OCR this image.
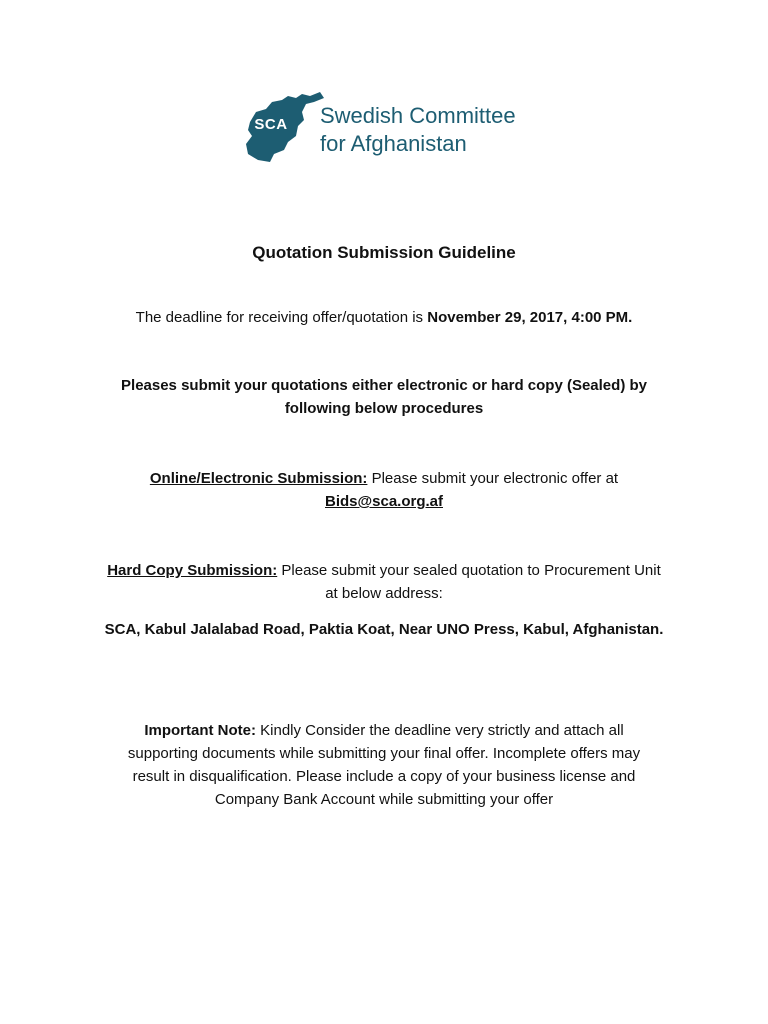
SCA Swedish Committee
for Afghanistan
Quotation Submission Guideline
The deadline for receiving offer/quotation is November 29, 2017, 4:00 PM.
Pleases submit your quotations either electronic or hard copy (Sealed) by
following below procedures
Online/Electronic Submission: Please submit your electronic offer at
Bids@sca.org.af
Hard Copy Submission: Please submit your sealed quotation to Procurement Unit
at below address:
SCA, Kabul Jalalabad Road, Paktia Koat, Near UNO Press, Kabul, Afghanistan.
Important Note: Kindly Consider the deadline very strictly and attach all
supporting documents while submitting your final offer. Incomplete offers may
result in disqualification. Please include a copy of your business license and
Company Bank Account while submitting your offer
